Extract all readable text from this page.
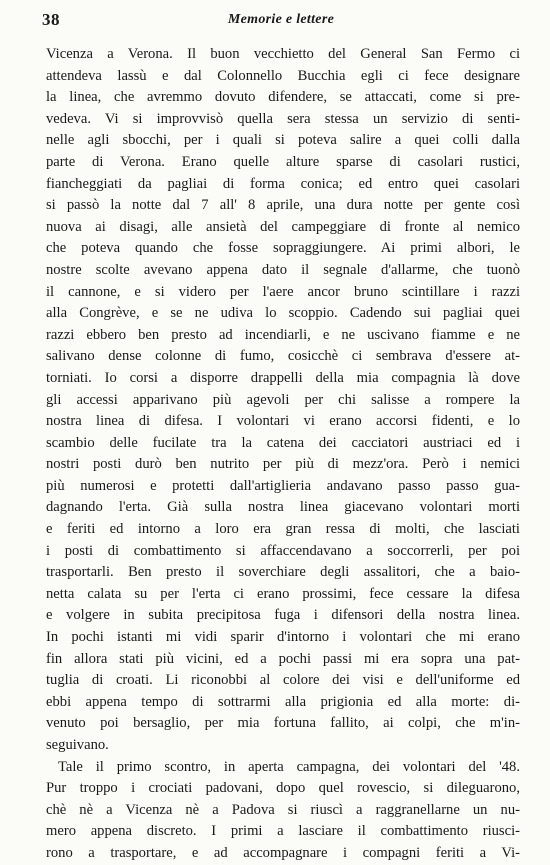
38	Memorie e lettere
Vicenza a Verona. Il buon vecchietto del General San Fermo ci
attendeva lassù e dal Colonnello Bucchia egli ci fece designare
la linea, che avremmo dovuto difendere, se attaccati, come si pre-
vedeva. Vi si improvvisò quella sera stessa un servizio di senti-
nelle agli sbocchi, per i quali si poteva salire a quei colli dalla
parte di Verona. Erano quelle alture sparse di casolari rustici,
fiancheggiati da pagliai di forma conica; ed entro quei casolari
si passò la notte dal 7 all' 8 aprile, una dura notte per gente così
nuova ai disagi, alle ansietà del campeggiare di fronte al nemico
che poteva quando che fosse sopraggiungere. Ai primi albori, le
nostre scolte avevano appena dato il segnale d'allarme, che tuonò
il cannone, e si videro per l'aere ancor bruno scintillare i razzi
alla Congrève, e se ne udiva lo scoppio. Cadendo sui pagliai quei
razzi ebbero ben presto ad incendiarli, e ne uscivano fiamme e ne
salivano dense colonne di fumo, cosicchè ci sembrava d'essere at-
torniati. Io corsi a disporre drappelli della mia compagnia là dove
gli accessi apparivano più agevoli per chi salisse a rompere la
nostra linea di difesa. I volontari vi erano accorsi fidenti, e lo
scambio delle fucilate tra la catena dei cacciatori austriaci ed i
nostri posti durò ben nutrito per più di mezz'ora. Però i nemici
più numerosi e protetti dall'artiglieria andavano passo passo gua-
dagnando l'erta. Già sulla nostra linea giacevano volontari morti
e feriti ed intorno a loro era gran ressa di molti, che lasciati
i posti di combattimento si affaccendavano a soccorrerli, per poi
trasportarli. Ben presto il soverchiare degli assalitori, che a baio-
netta calata su per l'erta ci erano prossimi, fece cessare la difesa
e volgere in subita precipitosa fuga i difensori della nostra linea.
In pochi istanti mi vidi sparir d'intorno i volontari che mi erano
fin allora stati più vicini, ed a pochi passi mi era sopra una pat-
tuglia di croati. Li riconobbi al colore dei visi e dell'uniforme ed
ebbi appena tempo di sottrarmi alla prigionia ed alla morte: di-
venuto poi bersaglio, per mia fortuna fallito, ai colpi, che m'in-
seguivano.
Tale il primo scontro, in aperta campagna, dei volontari del '48.
Pur troppo i crociati padovani, dopo quel rovescio, si dileguarono,
chè nè a Vicenza nè a Padova si riuscì a raggranellarne un nu-
mero appena discreto. I primi a lasciare il combattimento riusci-
rono a trasportare, e ad accompagnare i compagni feriti a Vi-
